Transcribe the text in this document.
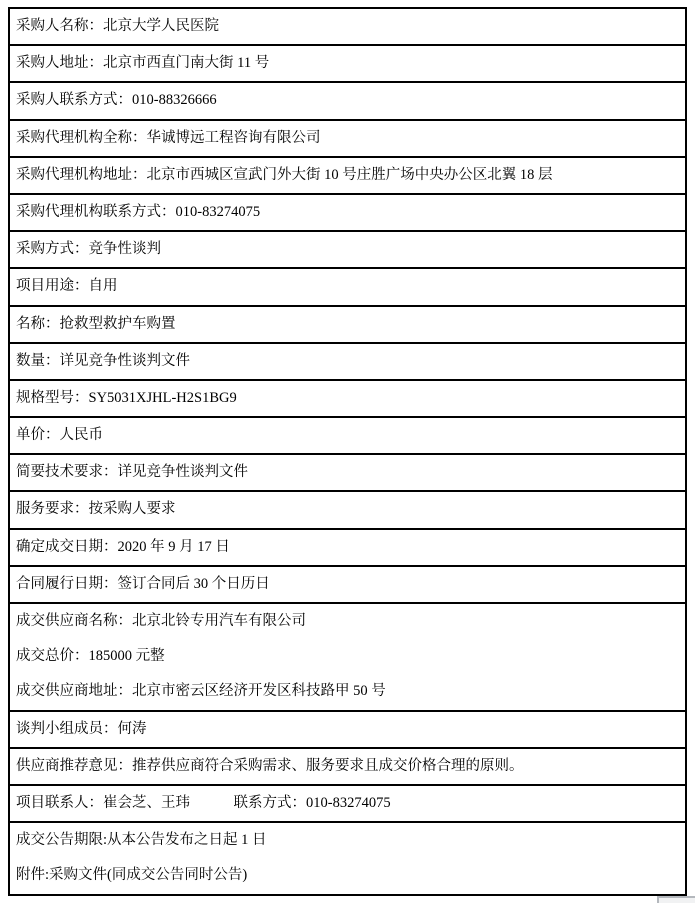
采购人名称：北京大学人民医院
采购人地址：北京市西直门南大街 11 号
采购人联系方式：010-88326666
采购代理机构全称：华诚博远工程咨询有限公司
采购代理机构地址：北京市西城区宣武门外大街 10 号庄胜广场中央办公区北翼 18 层
采购代理机构联系方式：010-83274075
采购方式：竞争性谈判
项目用途：自用
名称：抢救型救护车购置
数量：详见竞争性谈判文件
规格型号：SY5031XJHL-H2S1BG9
单价：人民币
简要技术要求：详见竞争性谈判文件
服务要求：按采购人要求
确定成交日期：2020 年 9 月 17 日
合同履行日期：签订合同后 30 个日历日
成交供应商名称：北京北铃专用汽车有限公司
成交总价：185000 元整
成交供应商地址：北京市密云区经济开发区科技路甲 50 号
谈判小组成员：何涛
供应商推荐意见：推荐供应商符合采购需求、服务要求且成交价格合理的原则。
项目联系人：崔会芝、王玮　　　联系方式：010-83274075
成交公告期限:从本公告发布之日起 1 日
附件:采购文件(同成交公告同时公告)
